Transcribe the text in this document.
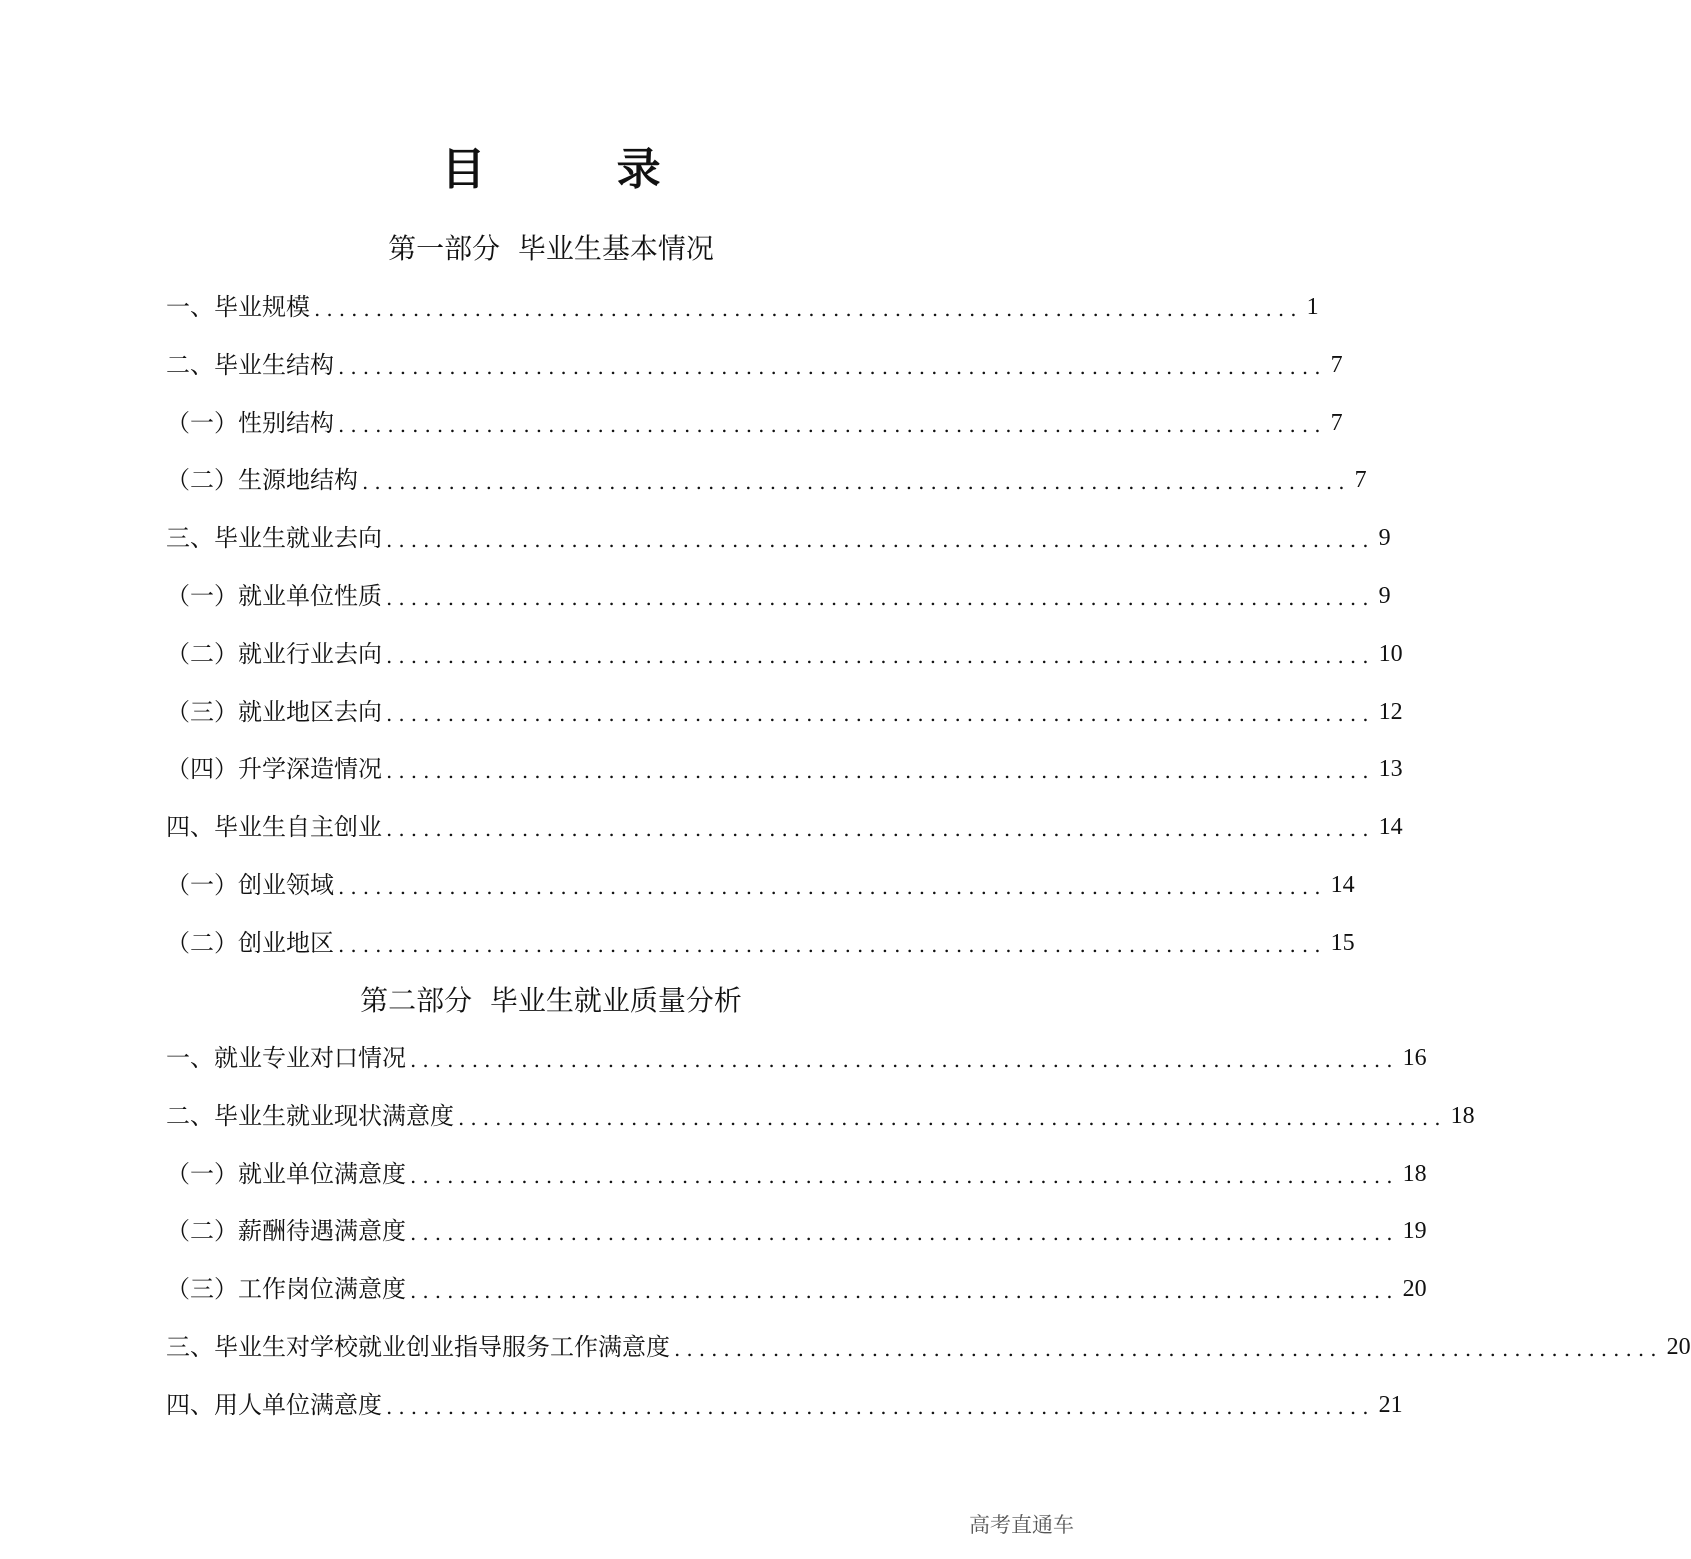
目 录
第一部分  毕业生基本情况
一、毕业规模 ................................................................................ 1
二、毕业生结构 ................................................................................ 7
（一）性别结构 ................................................................................ 7
（二）生源地结构 ................................................................................ 7
三、毕业生就业去向 ................................................................................ 9
（一）就业单位性质 ................................................................................ 9
（二）就业行业去向 ................................................................................ 10
（三）就业地区去向 ................................................................................ 12
（四）升学深造情况 ................................................................................ 13
四、毕业生自主创业 ................................................................................ 14
（一）创业领域 ................................................................................ 14
（二）创业地区 ................................................................................ 15
第二部分  毕业生就业质量分析
一、就业专业对口情况 ................................................................................ 16
二、毕业生就业现状满意度 ................................................................................ 18
（一）就业单位满意度 ................................................................................ 18
（二）薪酬待遇满意度 ................................................................................ 19
（三）工作岗位满意度 ................................................................................ 20
三、毕业生对学校就业创业指导服务工作满意度 ................................................................................ 20
四、用人单位满意度 ................................................................................ 21
高考直通车
